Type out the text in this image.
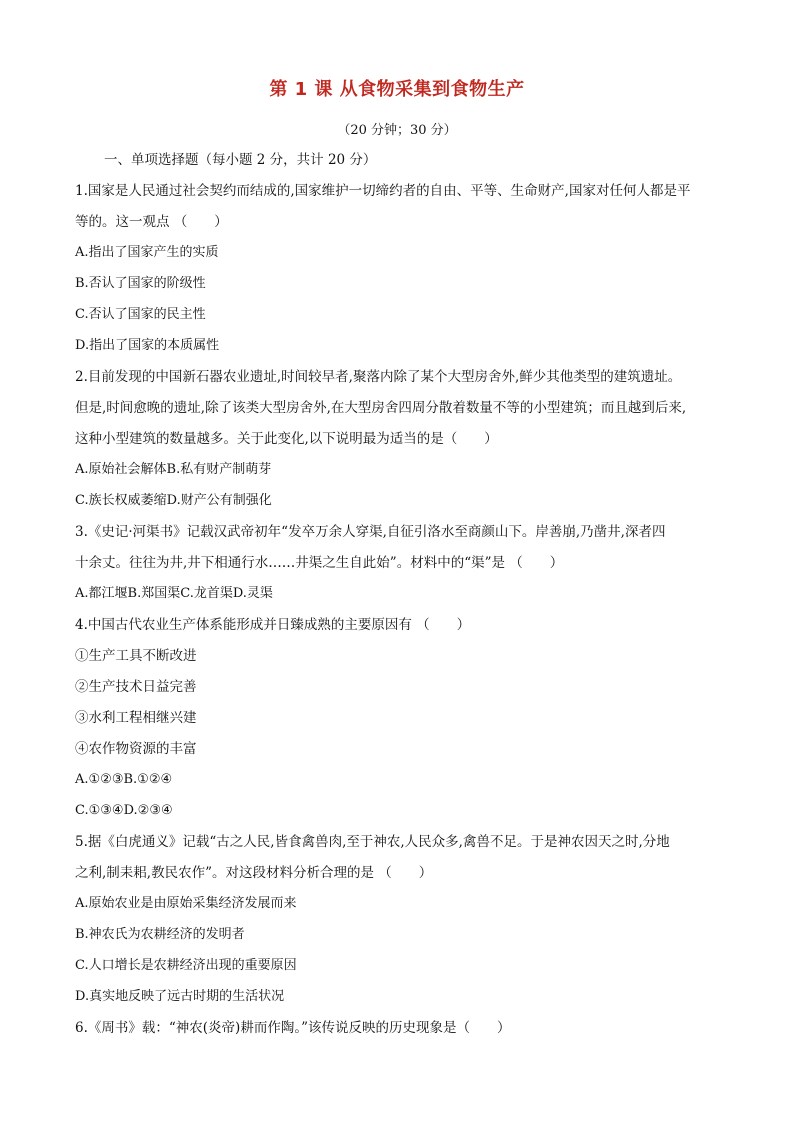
第 1 课 从食物采集到食物生产
（20 分钟；30 分）
一、单项选择题（每小题 2 分，共计 20 分）
1.国家是人民通过社会契约而结成的,国家维护一切缔约者的自由、平等、生命财产,国家对任何人都是平
等的。这一观点 （　　）
A.指出了国家产生的实质
B.否认了国家的阶级性
C.否认了国家的民主性
D.指出了国家的本质属性
2.目前发现的中国新石器农业遗址,时间较早者,聚落内除了某个大型房舍外,鲜少其他类型的建筑遗址。
但是,时间愈晚的遗址,除了该类大型房舍外,在大型房舍四周分散着数量不等的小型建筑；而且越到后来,
这种小型建筑的数量越多。关于此变化,以下说明最为适当的是（　　）
A.原始社会解体B.私有财产制萌芽
C.族长权威萎缩D.财产公有制强化
3.《史记·河渠书》记载汉武帝初年“发卒万余人穿渠,自征引洛水至商颜山下。岸善崩,乃凿井,深者四
十余丈。往往为井,井下相通行水……井渠之生自此始”。材料中的“渠”是 （　　）
A.都江堰B.郑国渠C.龙首渠D.灵渠
4.中国古代农业生产体系能形成并日臻成熟的主要原因有 （　　）
①生产工具不断改进
②生产技术日益完善
③水利工程相继兴建
④农作物资源的丰富
A.①②③B.①②④
C.①③④D.②③④
5.据《白虎通义》记载“古之人民,皆食禽兽肉,至于神农,人民众多,禽兽不足。于是神农因天之时,分地
之利,制耒耜,教民农作”。对这段材料分析合理的是 （　　）
A.原始农业是由原始采集经济发展而来
B.神农氏为农耕经济的发明者
C.人口增长是农耕经济出现的重要原因
D.真实地反映了远古时期的生活状况
6.《周书》载：“神农(炎帝)耕而作陶。”该传说反映的历史现象是（　　）
